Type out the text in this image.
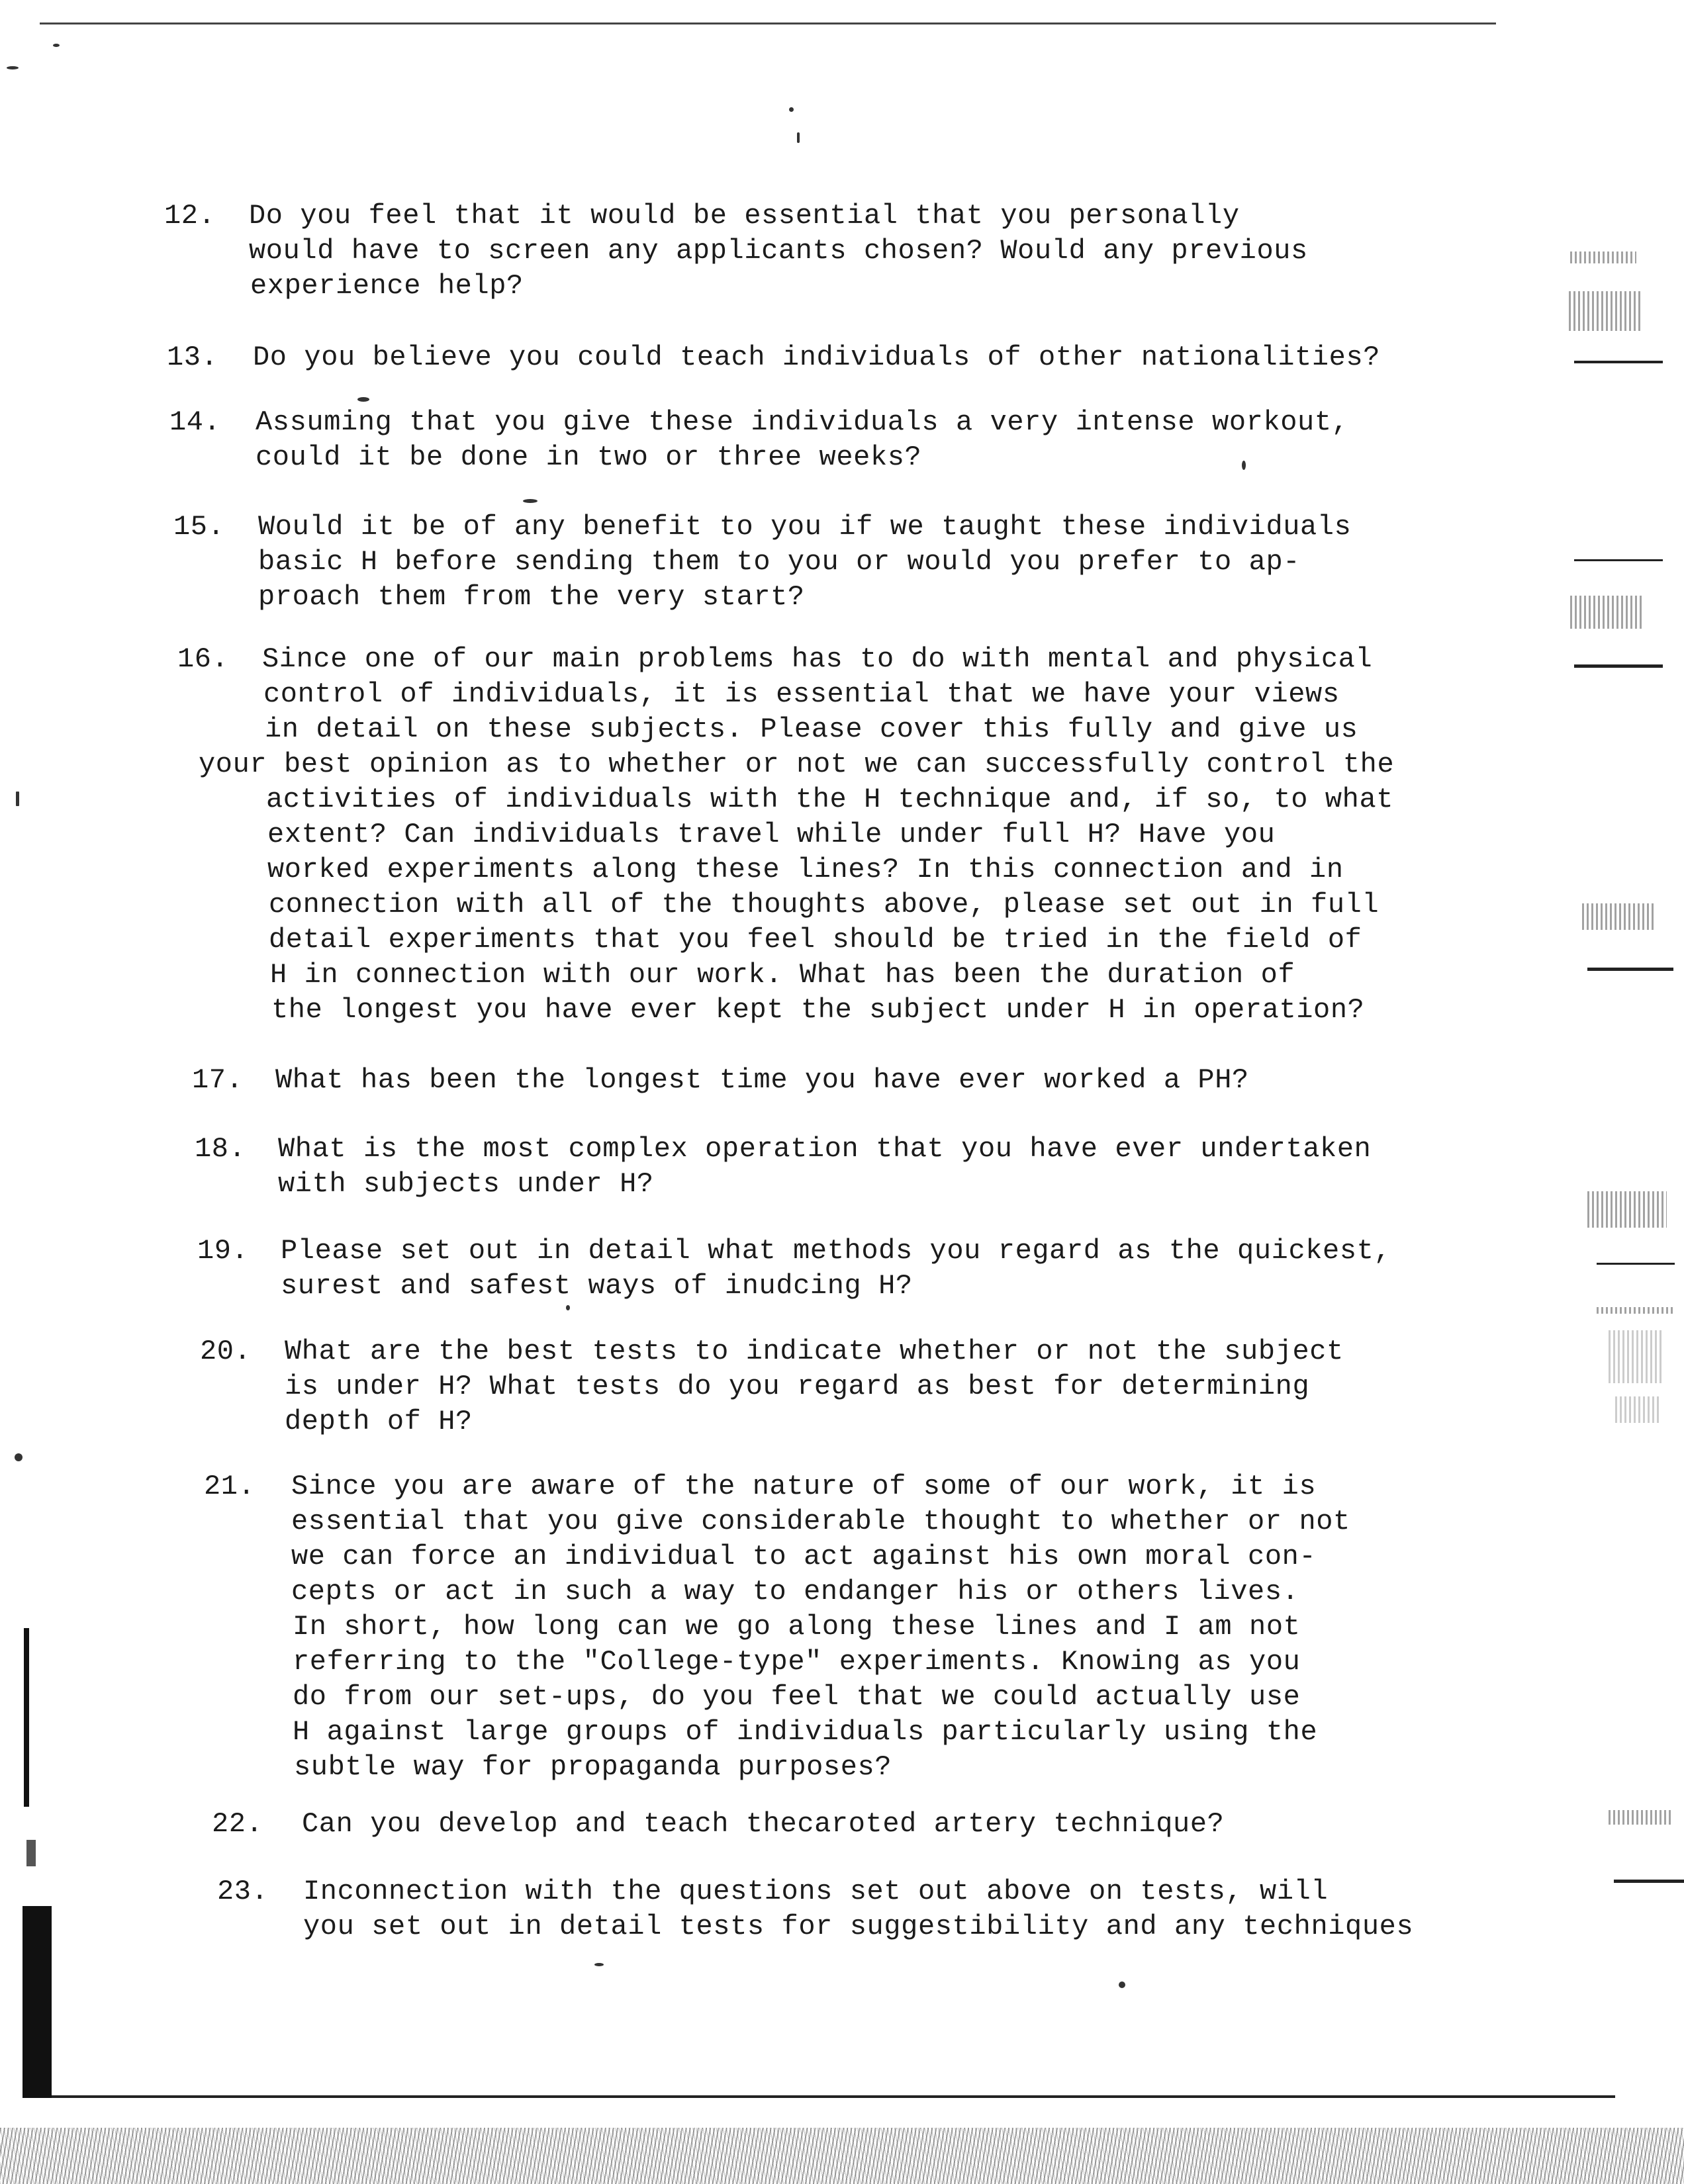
12. Do you feel that it would be essential that you personally
would have to screen any applicants chosen? Would any previous
experience help?
13. Do you believe you could teach individuals of other nationalities?
14. Assuming that you give these individuals a very intense workout,
could it be done in two or three weeks?
15. Would it be of any benefit to you if we taught these individuals
basic H before sending them to you or would you prefer to ap-
proach them from the very start?
16. Since one of our main problems has to do with mental and physical
control of individuals, it is essential that we have your views
in detail on these subjects. Please cover this fully and give us
your best opinion as to whether or not we can successfully control the
activities of individuals with the H technique and, if so, to what
extent? Can individuals travel while under full H? Have you
worked experiments along these lines? In this connection and in
connection with all of the thoughts above, please set out in full
detail experiments that you feel should be tried in the field of
H in connection with our work. What has been the duration of
the longest you have ever kept the subject under H in operation?
17. What has been the longest time you have ever worked a PH?
18. What is the most complex operation that you have ever undertaken
with subjects under H?
19. Please set out in detail what methods you regard as the quickest,
surest and safest ways of inudcing H?
20. What are the best tests to indicate whether or not the subject
is under H? What tests do you regard as best for determining
depth of H?
21. Since you are aware of the nature of some of our work, it is
essential that you give considerable thought to whether or not
we can force an individual to act against his own moral con-
cepts or act in such a way to endanger his or others lives.
In short, how long can we go along these lines and I am not
referring to the "College-type" experiments. Knowing as you
do from our set-ups, do you feel that we could actually use
H against large groups of individuals particularly using the
subtle way for propaganda purposes?
22. Can you develop and teach thecaroted artery technique?
23. Inconnection with the questions set out above on tests, will
you set out in detail tests for suggestibility and any techniques
